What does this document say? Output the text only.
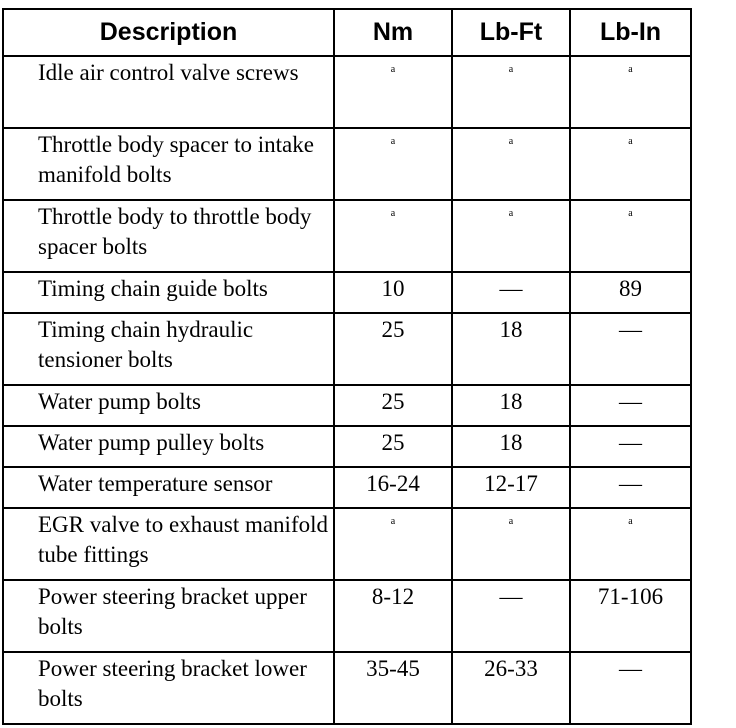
Description	Nm	Lb-Ft	Lb-In
Idle air control valve screws	a	a	a
Throttle body spacer to intake manifold bolts	a	a	a
Throttle body to throttle body spacer bolts	a	a	a
Timing chain guide bolts	10	—	89
Timing chain hydraulic tensioner bolts	25	18	—
Water pump bolts	25	18	—
Water pump pulley bolts	25	18	—
Water temperature sensor	16-24	12-17	—
EGR valve to exhaust manifold tube fittings	a	a	a
Power steering bracket upper bolts	8-12	—	71-106
Power steering bracket lower bolts	35-45	26-33	—
